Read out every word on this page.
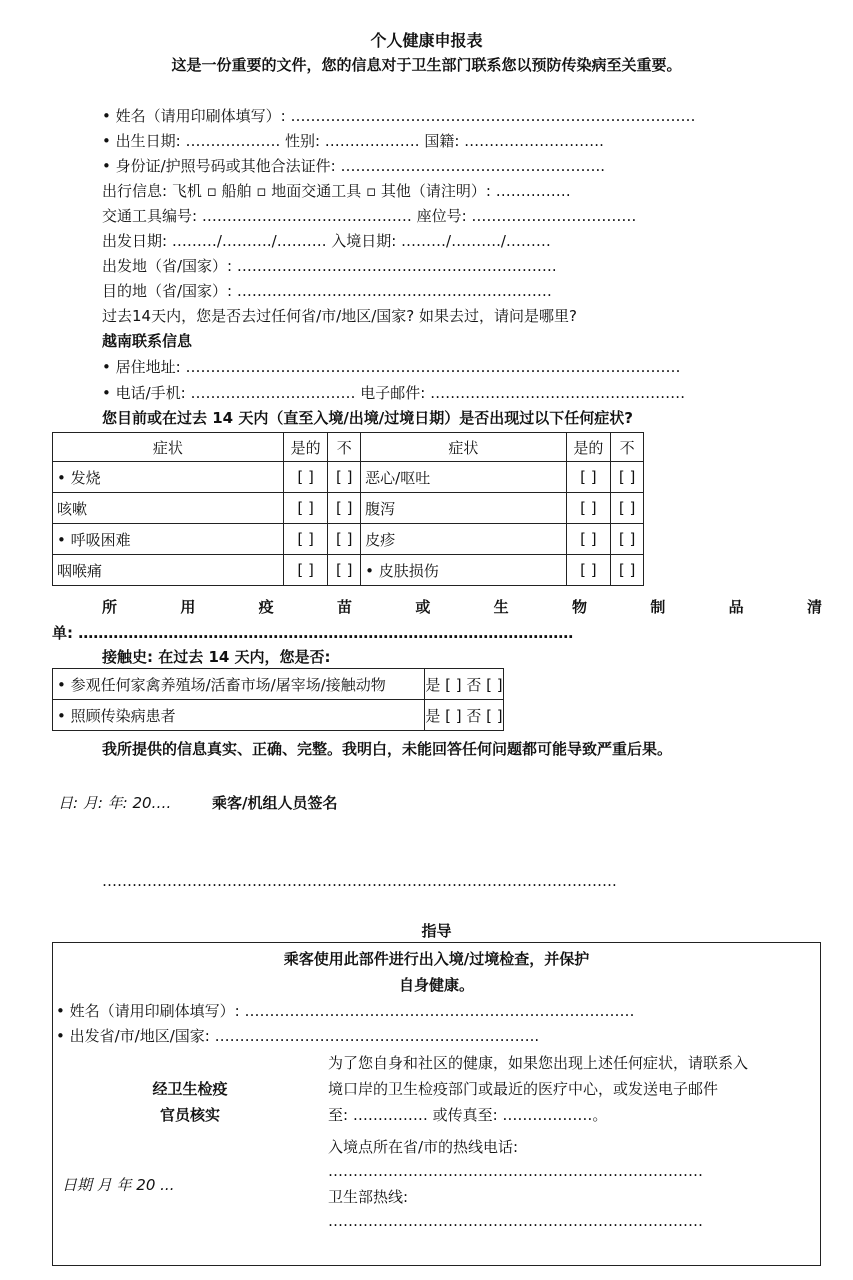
个人健康申报表
这是一份重要的文件，您的信息对于卫生部门联系您以预防传染病至关重要。
• 姓名（请用印刷体填写）: ………………………………………………………………………
• 出生日期: ………………. 性别: ………………. 国籍: ……………………….
• 身份证/护照号码或其他合法证件: ……………………………………………..
出行信息: 飞机 ▫ 船舶 ▫ 地面交通工具 ▫ 其他（请注明）: ……………
交通工具编号: …………………………………… 座位号: ……………………………
出发日期: ………/………./………. 入境日期: ………/………./………
出发地（省/国家）: ……………………………………………………….
目的地（省/国家）: ………………………………………………………
过去14天内，您是否去过任何省/市/地区/国家? 如果去过，请问是哪里?
越南联系信息
• 居住地址: ………………………………………………………………………………………
• 电话/手机: …………………………… 电子邮件: ……………………………………………
您目前或在过去 14 天内（直至入境/出境/过境日期）是否出现过以下任何症状?
症状	是的	不	症状	是的	不
• 发烧	[ ]	[ ]	恶心/呕吐	[ ]	[ ]
咳嗽	[ ]	[ ]	腹泻	[ ]	[ ]
• 呼吸困难	[ ]	[ ]	皮疹	[ ]	[ ]
咽喉痛	[ ]	[ ]	• 皮肤损伤	[ ]	[ ]
所 用 疫 苗 或 生 物 制 品 清
单: ………………………………………………………………………………………
接触史: 在过去 14 天内，您是否:
• 参观任何家禽养殖场/活畜市场/屠宰场/接触动物	是 [ ] 否 [ ]
• 照顾传染病患者	是 [ ] 否 [ ]
我所提供的信息真实、正确、完整。我明白，未能回答任何问题都可能导致严重后果。
日: 月: 年: 20….	乘客/机组人员签名
………………………………………………………………………………………….
指导
乘客使用此部件进行出入境/过境检查，并保护
自身健康。
• 姓名（请用印刷体填写）: ……………………………………………………………………
• 出发省/市/地区/国家: ………………………………………………………..
经卫生检疫
官员核实
为了您自身和社区的健康，如果您出现上述任何症状，请联系入
境口岸的卫生检疫部门或最近的医疗中心，或发送电子邮件
至: …………… 或传真至: ………………。
入境点所在省/市的热线电话:
…………………………………………………………………
日期 月 年 20 ...
卫生部热线:
…………………………………………………………………
